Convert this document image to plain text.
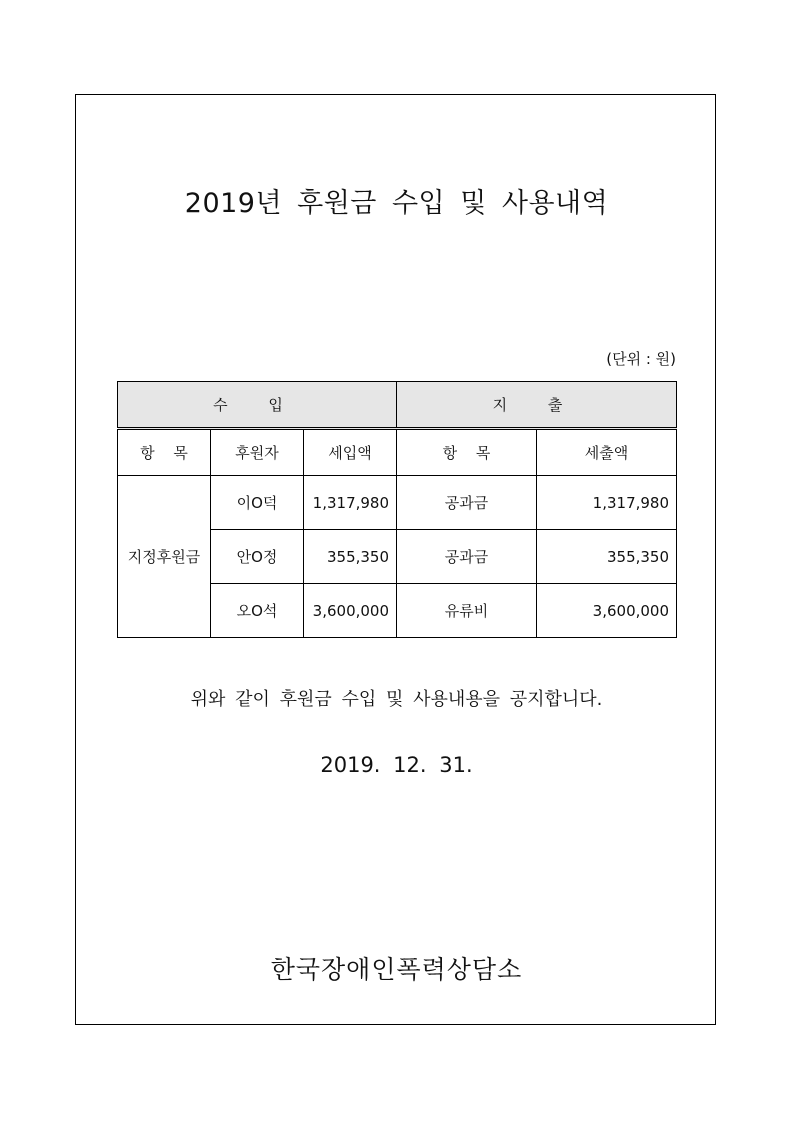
2019년 후원금 수입 및 사용내역
(단위 : 원)
수 입			지 출	
항 목	후원자	세입액	항 목	세출액
지정후원금	이O덕	1,317,980	공과금	1,317,980
	안O정	355,350	공과금	355,350
	오O석	3,600,000	유류비	3,600,000
위와 같이 후원금 수입 및 사용내용을 공지합니다.
2019. 12. 31.
한국장애인폭력상담소
